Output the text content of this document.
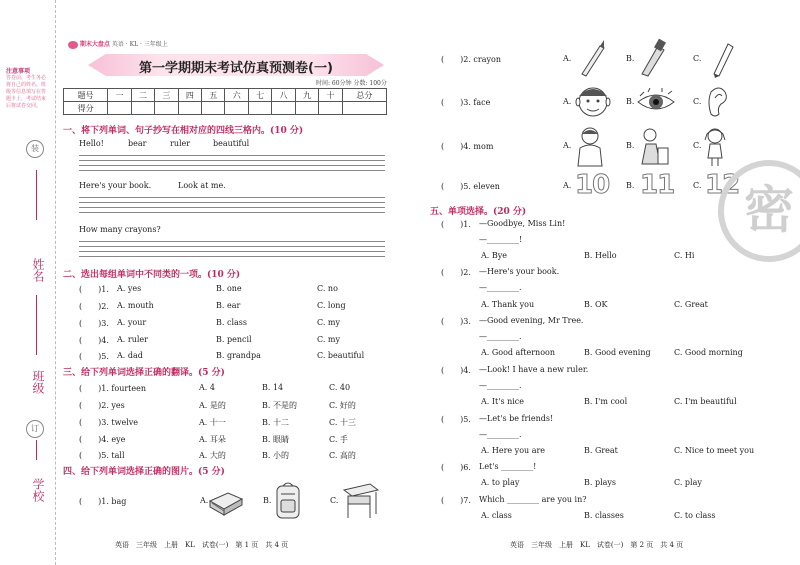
注意事项
答卷前，考生务必将自己的姓名、班级等信息填写在答题卡上，考试结束后将试卷交回。
装
姓名
班级
订
学校
期末大盘点 英语 · KL · 三年级上
第一学期期末考试仿真预测卷(一)
时间: 60分钟 分数: 100分
题号	一	二	三	四	五	六	七	八	九	十	总分
得分											
一、将下列单词、句子抄写在相对应的四线三格内。(10 分)
Hello!	bear	ruler	beautiful
Here's your book.	Look at me.
How many crayons?
二、选出每组单词中不同类的一项。(10 分)
(　　)1. A. yes	B. one	C. no
(　　)2. A. mouth	B. ear	C. long
(　　)3. A. your	B. class	C. my
(　　)4. A. ruler	B. pencil	C. my
(　　)5. A. dad	B. grandpa	C. beautiful
三、给下列单词选择正确的翻译。(5 分)
(　　)1. fourteen	A. 4	B. 14	C. 40
(　　)2. yes	A. 是的	B. 不是的	C. 好的
(　　)3. twelve	A. 十一	B. 十二	C. 十三
(　　)4. eye	A. 耳朵	B. 眼睛	C. 手
(　　)5. tall	A. 大的	B. 小的	C. 高的
四、给下列单词选择正确的图片。(5 分)
(　　)1. bag	A.	B.	C.
英语　三年级　上册　KL　试卷(一)　第 1 页　共 4 页
(　　)2. crayon	A.	B.	C.
(　　)3. face	A.	B.	C.
(　　)4. mom	A.	B.	C.
(　　)5. eleven	A. 10 B. 11 C. 12 密
五、单项选择。(20 分)
(　　)1. —Goodbye, Miss Lin!
—________!
A. Bye	B. Hello	C. Hi
(　　)2. —Here's your book.
—________.
A. Thank you	B. OK	C. Great
(　　)3. —Good evening, Mr Tree.
—________.
A. Good afternoon	B. Good evening	C. Good morning
(　　)4. —Look! I have a new ruler.
—________.
A. It's nice	B. I'm cool	C. I'm beautiful
(　　)5. —Let's be friends!
—________.
A. Here you are	B. Great	C. Nice to meet you
(　　)6. Let's ________!
A. to play	B. plays	C. play
(　　)7. Which ________ are you in?
A. class	B. classes	C. to class
英语　三年级　上册　KL　试卷(一)　第 2 页　共 4 页
